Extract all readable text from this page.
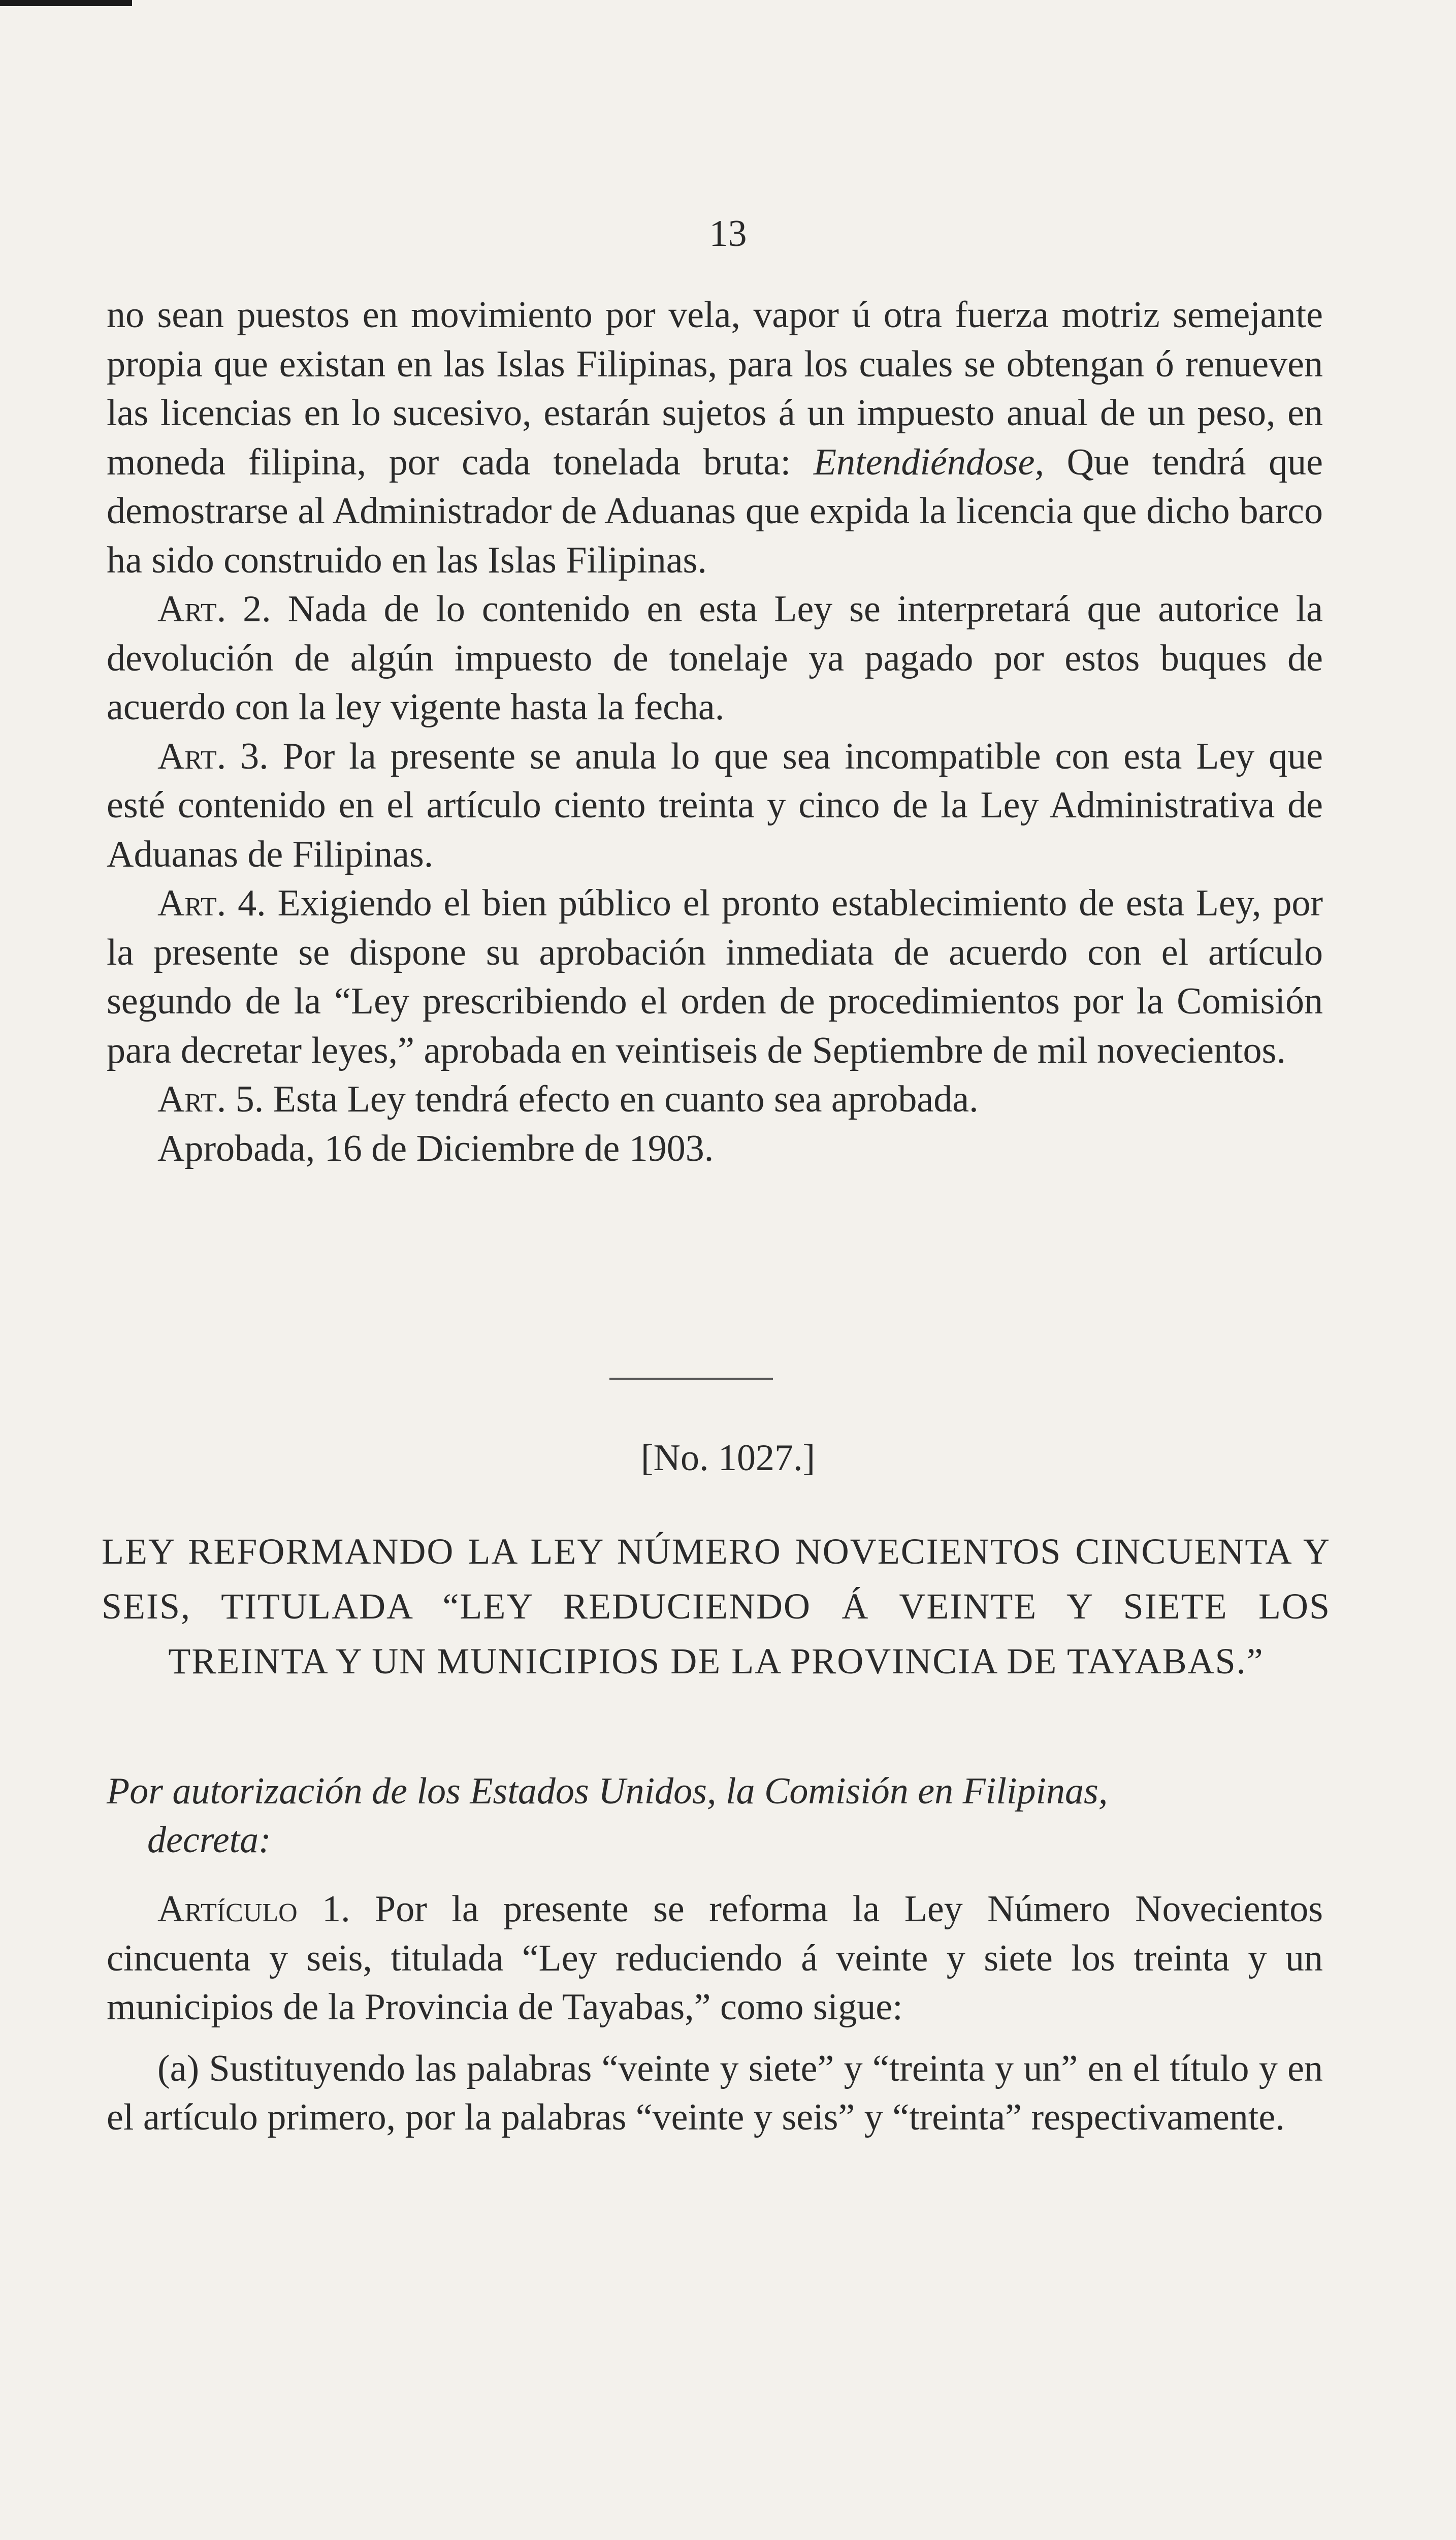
13

no sean puestos en movimiento por vela, vapor ú otra fuerza motriz semejante propia que existan en las Islas Filipinas, para los cuales se obtengan ó renueven las licencias en lo sucesivo, estarán sujetos á un impuesto anual de un peso, en moneda filipina, por cada tonelada bruta: Entendiéndose, Que tendrá que demostrarse al Administrador de Aduanas que expida la licencia que dicho barco ha sido construido en las Islas Filipinas.

Art. 2. Nada de lo contenido en esta Ley se interpretará que autorice la devolución de algún impuesto de tonelaje ya pagado por estos buques de acuerdo con la ley vigente hasta la fecha.

Art. 3. Por la presente se anula lo que sea incompatible con esta Ley que esté contenido en el artículo ciento treinta y cinco de la Ley Administrativa de Aduanas de Filipinas.

Art. 4. Exigiendo el bien público el pronto establecimiento de esta Ley, por la presente se dispone su aprobación inmediata de acuerdo con el artículo segundo de la “Ley prescribiendo el orden de procedimientos por la Comisión para decretar leyes,” aprobada en veintiseis de Septiembre de mil novecientos.

Art. 5. Esta Ley tendrá efecto en cuanto sea aprobada.

Aprobada, 16 de Diciembre de 1903.

[No. 1027.]
LEY REFORMANDO LA LEY NÚMERO NOVECIENTOS CINCUENTA Y SEIS, TITULADA “LEY REDUCIENDO Á VEINTE Y SIETE LOS TREINTA Y UN MUNICIPIOS DE LA PROVINCIA DE TAYABAS.”

Por autorización de los Estados Unidos, la Comisión en Filipinas,

decreta:

Artículo 1. Por la presente se reforma la Ley Número Novecientos cincuenta y seis, titulada “Ley reduciendo á veinte y siete los treinta y un municipios de la Provincia de Tayabas,” como sigue:

(a) Sustituyendo las palabras “veinte y siete” y “treinta y un” en el título y en el artículo primero, por la palabras “veinte y seis” y “treinta” respectivamente.
